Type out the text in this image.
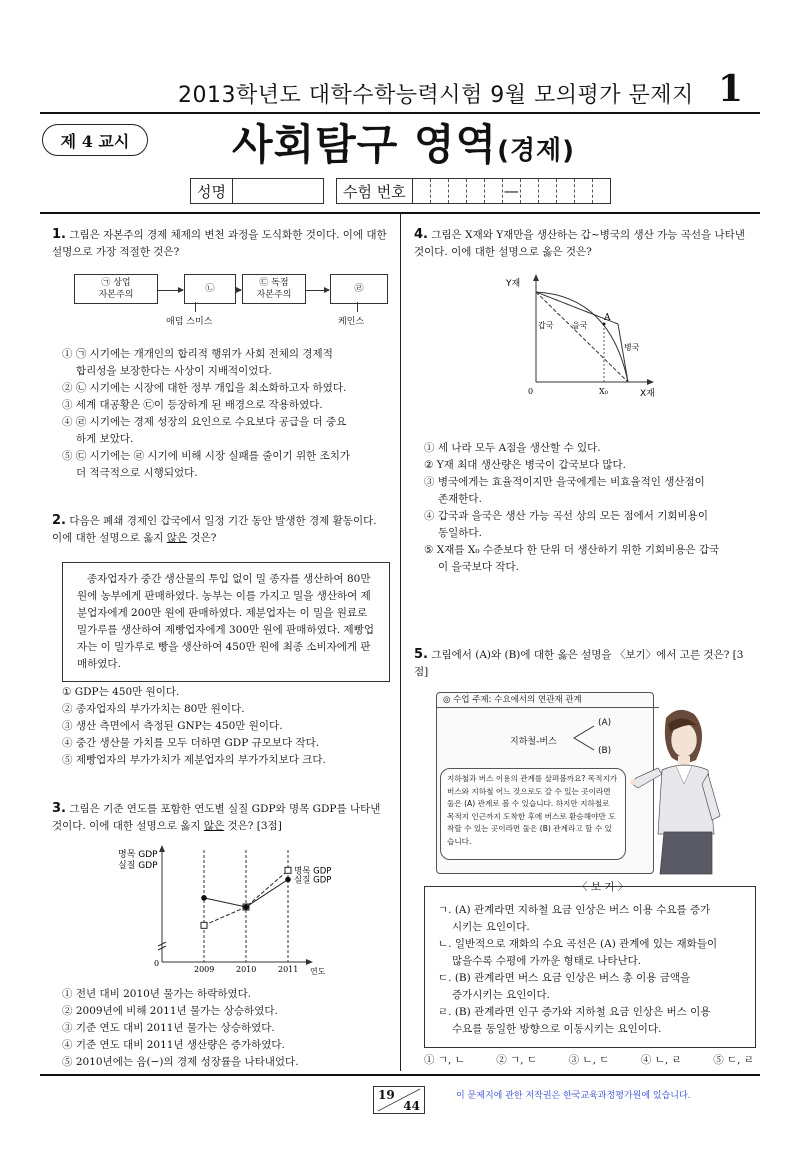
2013학년도 대학수학능력시험 9월 모의평가 문제지 1
제 4 교시	사회탐구 영역(경제)
성명	수험 번호	—
1. 그림은 자본주의 경제 체제의 변천 과정을 도식화한 것이다. 이에 대한 설명으로 가장 적절한 것은?
㉠ 상업
자본주의
㉡
㉢ 독점
자본주의
㉣
애덤 스미스	케인스
① ㉠ 시기에는 개개인의 합리적 행위가 사회 전체의 경제적
합리성을 보장한다는 사상이 지배적이었다.
② ㉡ 시기에는 시장에 대한 정부 개입을 최소화하고자 하였다.
③ 세계 대공황은 ㉢이 등장하게 된 배경으로 작용하였다.
④ ㉣ 시기에는 경제 성장의 요인으로 수요보다 공급을 더 중요
하게 보았다.
⑤ ㉢ 시기에는 ㉣ 시기에 비해 시장 실패를 줄이기 위한 조치가
더 적극적으로 시행되었다.
2. 다음은 폐쇄 경제인 갑국에서 일정 기간 동안 발생한 경제 활동이다. 이에 대한 설명으로 옳지 않은 것은?
종자업자가 중간 생산물의 투입 없이 밀 종자를 생산하여 80만 원에 농부에게 판매하였다. 농부는 이를 가지고 밀을 생산하여 제분업자에게 200만 원에 판매하였다. 제분업자는 이 밀을 원료로 밀가루를 생산하여 제빵업자에게 300만 원에 판매하였다. 제빵업자는 이 밀가루로 빵을 생산하여 450만 원에 최종 소비자에게 판매하였다.
① GDP는 450만 원이다.
② 종자업자의 부가가치는 80만 원이다.
③ 생산 측면에서 측정된 GNP는 450만 원이다.
④ 중간 생산물 가치를 모두 더하면 GDP 규모보다 작다.
⑤ 제빵업자의 부가가치가 제분업자의 부가가치보다 크다.
3. 그림은 기준 연도를 포함한 연도별 실질 GDP와 명목 GDP를 나타낸 것이다. 이에 대한 설명으로 옳지 않은 것은? [3점]
명목 GDP
실질 GDP
0
연도
2009	2010	2011
명목 GDP
실질 GDP
① 전년 대비 2010년 물가는 하락하였다.
② 2009년에 비해 2011년 물가는 상승하였다.
③ 기준 연도 대비 2011년 물가는 상승하였다.
④ 기준 연도 대비 2011년 생산량은 증가하였다.
⑤ 2010년에는 음(−)의 경제 성장률을 나타내었다.
4. 그림은 X재와 Y재만을 생산하는 갑~병국의 생산 가능 곡선을 나타낸 것이다. 이에 대한 설명으로 옳은 것은?
Y재
X재
0	X₀
A
갑국 을국
병국
① 세 나라 모두 A점을 생산할 수 있다.
② Y재 최대 생산량은 병국이 갑국보다 많다.
③ 병국에게는 효율적이지만 을국에게는 비효율적인 생산점이
존재한다.
④ 갑국과 을국은 생산 가능 곡선 상의 모든 점에서 기회비용이
동일하다.
⑤ X재를 X₀ 수준보다 한 단위 더 생산하기 위한 기회비용은 갑국
이 을국보다 작다.
5. 그림에서 (A)와 (B)에 대한 옳은 설명을 〈보기〉에서 고른 것은? [3점]
◎ 수업 주제: 수요에서의 연관재 관계
지하철-버스
(A)
(B)
지하철과 버스 이용의 관계를 살펴볼까요? 목적지가 버스와 지하철 어느 것으로도 갈 수 있는 곳이라면 둘은 (A) 관계로 볼 수 있습니다. 하지만 지하철로 목적지 인근까지 도착한 후에 버스로 환승해야만 도착할 수 있는 곳이라면 둘은 (B) 관계라고 할 수 있습니다.
〈 보 기 〉
ㄱ. (A) 관계라면 지하철 요금 인상은 버스 이용 수요를 증가
시키는 요인이다.
ㄴ. 일반적으로 재화의 수요 곡선은 (A) 관계에 있는 재화들이
많을수록 수평에 가까운 형태로 나타난다.
ㄷ. (B) 관계라면 버스 요금 인상은 버스 총 이용 금액을
증가시키는 요인이다.
ㄹ. (B) 관계라면 인구 증가와 지하철 요금 인상은 버스 이용
수요를 동일한 방향으로 이동시키는 요인이다.
① ㄱ, ㄴ	② ㄱ, ㄷ	③ ㄴ, ㄷ	④ ㄴ, ㄹ	⑤ ㄷ, ㄹ
19
44
이 문제지에 관한 저작권은 한국교육과정평가원에 있습니다.
